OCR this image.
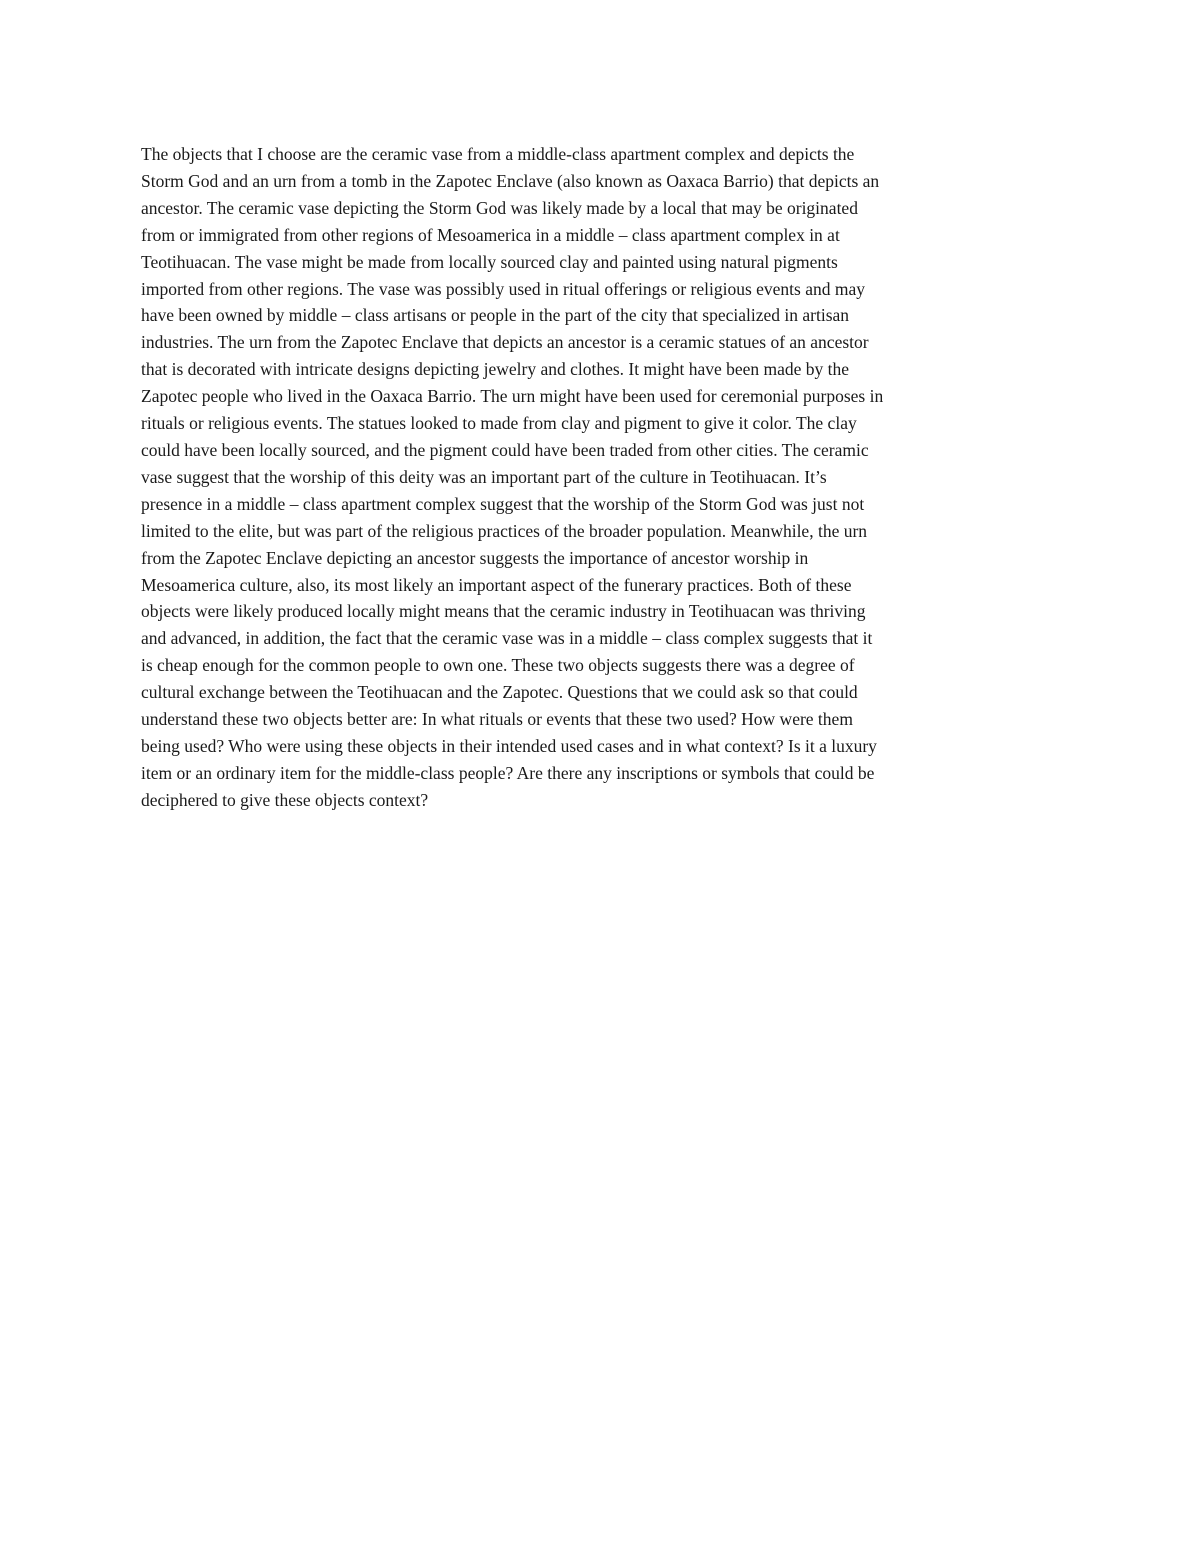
The objects that I choose are the ceramic vase from a middle-class apartment complex and depicts the
Storm God and an urn from a tomb in the Zapotec Enclave (also known as Oaxaca Barrio) that depicts an
ancestor. The ceramic vase depicting the Storm God was likely made by a local that may be originated
from or immigrated from other regions of Mesoamerica in a middle – class apartment complex in at
Teotihuacan. The vase might be made from locally sourced clay and painted using natural pigments
imported from other regions. The vase was possibly used in ritual offerings or religious events and may
have been owned by middle – class artisans or people in the part of the city that specialized in artisan
industries. The urn from the Zapotec Enclave that depicts an ancestor is a ceramic statues of an ancestor
that is decorated with intricate designs depicting jewelry and clothes. It might have been made by the
Zapotec people who lived in the Oaxaca Barrio. The urn might have been used for ceremonial purposes in
rituals or religious events. The statues looked to made from clay and pigment to give it color. The clay
could have been locally sourced, and the pigment could have been traded from other cities. The ceramic
vase suggest that the worship of this deity was an important part of the culture in Teotihuacan. It’s
presence in a middle – class apartment complex suggest that the worship of the Storm God was just not
limited to the elite, but was part of the religious practices of the broader population. Meanwhile, the urn
from the Zapotec Enclave depicting an ancestor suggests the importance of ancestor worship in
Mesoamerica culture, also, its most likely an important aspect of the funerary practices. Both of these
objects were likely produced locally might means that the ceramic industry in Teotihuacan was thriving
and advanced, in addition, the fact that the ceramic vase was in a middle – class complex suggests that it
is cheap enough for the common people to own one. These two objects suggests there was a degree of
cultural exchange between the Teotihuacan and the Zapotec. Questions that we could ask so that could
understand these two objects better are: In what rituals or events that these two used? How were them
being used? Who were using these objects in their intended used cases and in what context? Is it a luxury
item or an ordinary item for the middle-class people? Are there any inscriptions or symbols that could be
deciphered to give these objects context?
